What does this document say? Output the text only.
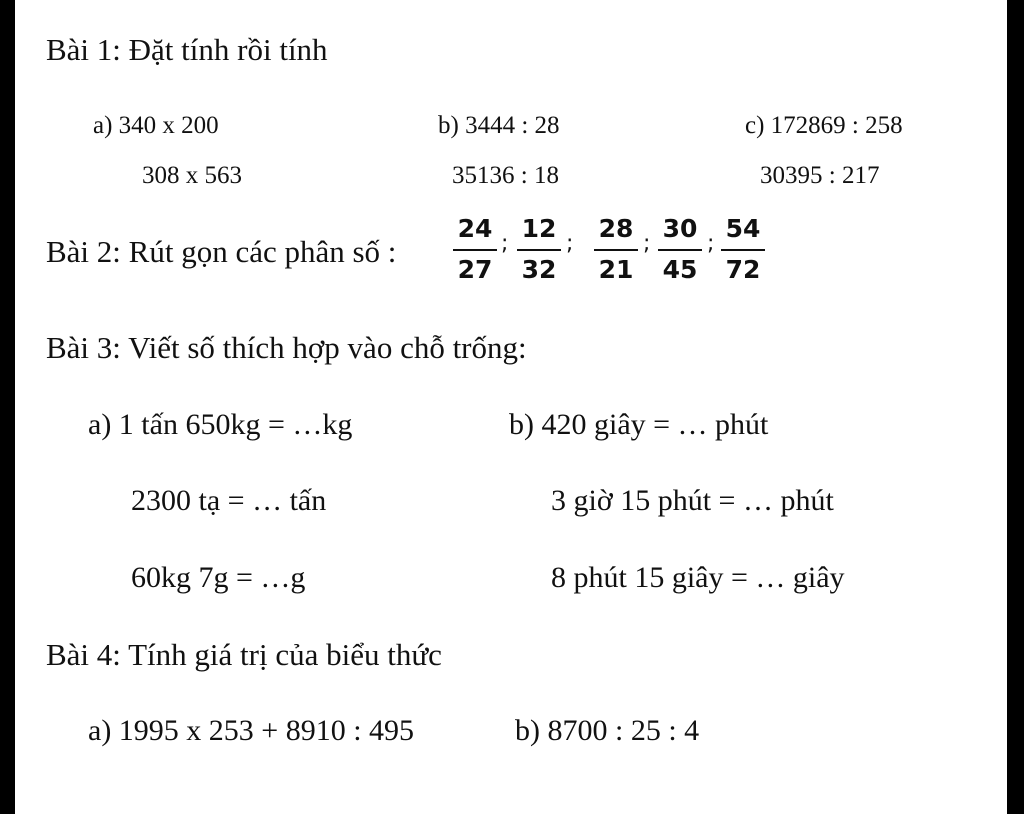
Bài 1: Đặt tính rồi tính
a) 340 x 200
308 x 563
b) 3444 : 28
35136 : 18
c) 172869 : 258
30395 : 217
Bài 2: Rút gọn các phân số :
24
27
;
12
32
;
28
21
;
30
45
;
54
72
Bài 3: Viết số thích hợp vào chỗ trống:
a) 1 tấn 650kg = …kg
2300 tạ = … tấn
60kg 7g = …g
b) 420 giây = … phút
3 giờ 15 phút = … phút
8 phút 15 giây = … giây
Bài 4: Tính giá trị của biểu thức
a) 1995 x 253 + 8910 : 495	b) 8700 : 25 : 4
